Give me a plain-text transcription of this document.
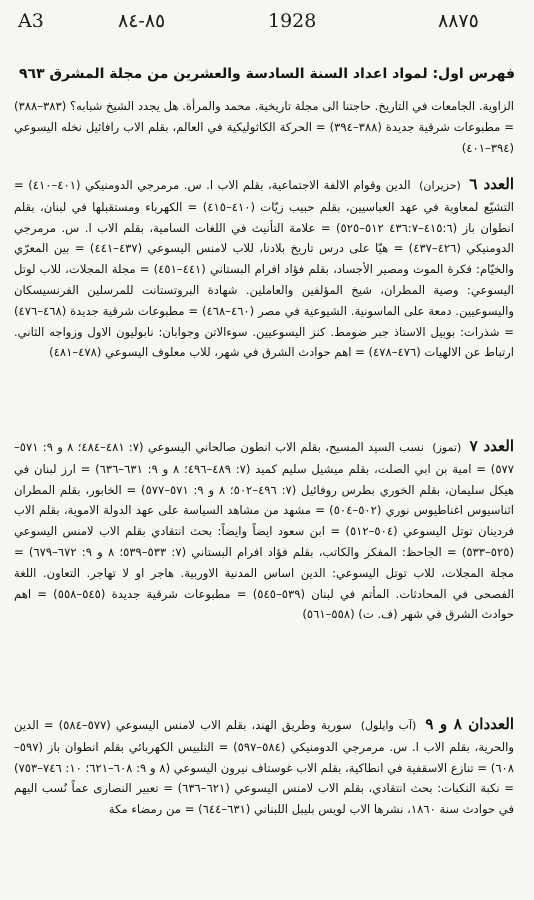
A3	٨٥-٨٤	1928	٨٨٧٥
فهرس اول: لمواد اعداد السنة السادسة والعشرين من مجلة المشرق ٩٦٣
الزاوية. الجامعات في التاريخ. حاجتنا الى مجلة تاريخية. محمد والمرأة. هل يجدد الشيخ شبابه؟ (٣٨٣–٣٨٨) = مطبوعات شرقية جديدة (٣٨٨–٣٩٤) = الحركة الكاثوليكية في العالم، بقلم الاب رافائيل نخله اليسوعي (٣٩٤–٤٠١)
العدد ٦ (حزيران) الدين وقوام الالفة الاجتماعية، بقلم الاب ا. س. مرمرجي الدومنيكي (٤٠١–٤١٠) = التشيّع لمعاوية في عهد العباسيين، بقلم حبيب زيّات (٤١٠–٤١٥) = الكهرباء ومستقبلها في لبنان، بقلم انطوان باز (٤١٥:٦–٤٣٦:٧ ٥١٢–٥٢٥) = علامة التأنيث في اللغات السامية، بقلم الاب ا. س. مرمرجي الدومنيكي (٤٢٦–٤٣٧) = هيّا على درس تاريخ بلادنا، للاب لامنس اليسوعي (٤٣٧–٤٤١) = بين المعرّي والخيّام: فكرة الموت ومصير الأجساد، بقلم فؤاد افرام البستاني (٤٤١–٤٥١) = مجلة المجلات، للاب لوتل اليسوعي: وصية المطران، شيخ المؤلفين والعاملين. شهادة البروتستانت للمرسلين الفرنسيسكان واليسوعيين. دمعة على الماسونية. الشيوعية في مصر (٤٦٠–٤٦٨) = مطبوعات شرقية جديدة (٤٦٨–٤٧٦) = شذرات: بوبيل الاستاذ جبر ضومط. كنز اليسوعيين. سوءالاتن وجوابان: نابوليون الاول وزواجه الثاني. ارتباط عن الالهيات (٤٧٦–٤٧٨) = اهم حوادث الشرق في شهر، للاب معلوف اليسوعي (٤٧٨–٤٨١)
العدد ٧ (تموز) نسب السيد المسيح، بقلم الاب انطون صالحاني اليسوعي (٧: ٤٨١–٤٨٤؛ ٨ و ٩: ٥٧١–٥٧٧) = امية بن ابي الصلت، بقلم ميشيل سليم كميد (٧: ٤٨٩–٤٩٦؛ ٨ و ٩: ٦٣١–٦٣٦) = ارز لبنان في هيكل سليمان، بقلم الخوري بطرس روفائيل (٧: ٤٩٦–٥٠٢؛ ٨ و ٩: ٥٧١–٥٧٧) = الخابور، بقلم المطران اثناسيوس اغناطيوس نوري (٥٠٢–٥٠٤) = مشهد من مشاهد السياسة على عهد الدولة الاموية، بقلم الاب فردينان توتل اليسوعي (٥٠٤–٥١٢) = ابن سعود ايضاً وايضاً: بحث انتقادي بقلم الاب لامنس اليسوعي (٥٢٥–٥٣٣) = الجاحظ: المفكر والكاتب، بقلم فؤاد افرام البستاني (٧: ٥٣٣–٥٣٩؛ ٨ و ٩: ٦٧٢–٦٧٩) = مجلة المجلات، للاب توتل اليسوعي: الدين اساس المدنية الاوربية. هاجر او لا تهاجر. التعاون. اللغة الفصحى في المحادثات. المأتم في لبنان (٥٣٩–٥٤٥) = مطبوعات شرقية جديدة (٥٤٥–٥٥٨) = اهم حوادث الشرق في شهر (ف. ت) (٥٥٨–٥٦١)
العددان ٨ و ٩ (آب وايلول) سورية وطريق الهند، بقلم الاب لامنس اليسوعي (٥٧٧–٥٨٤) = الدين والحرية، بقلم الاب ا. س. مرمرجي الدومنيكي (٥٨٤–٥٩٧) = التلبيس الكهربائي بقلم انطوان باز (٥٩٧–٦٠٨) = تنازع الاسقفية في انطاكية، بقلم الاب غوستاف نيرون اليسوعي (٨ و ٩: ٦٠٨–٦٢١؛ ١٠: ٧٤٦–٧٥٣) = نكبة النكبات: بحث انتقادي، بقلم الاب لامنس اليسوعي (٦٢١–٦٣٦) = تعبير النصارى عماً نُسب اليهم في حوادث سنة ١٨٦٠، نشرها الاب لويس بليبل اللبناني (٦٣١–٦٤٤) = من رمضاء مكة
